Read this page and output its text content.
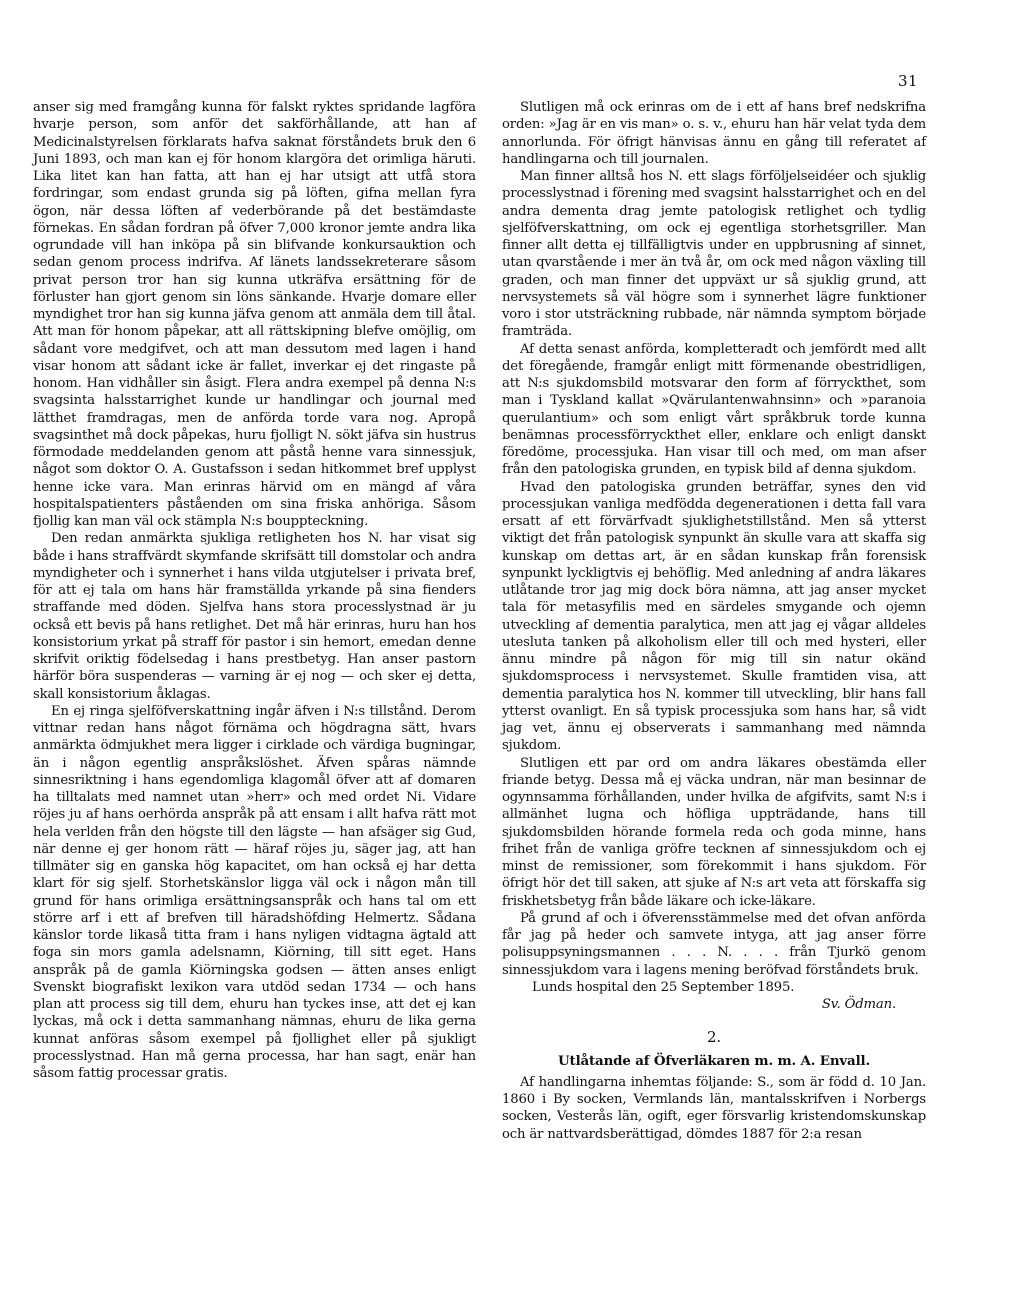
31

anser sig med framgång kunna för falskt ryktes spridande lagföra hvarje person, som anför det sakförhållande, att han af Medicinalstyrelsen förklarats hafva saknat förståndets bruk den 6 Juni 1893, och man kan ej för honom klargöra det orimliga häruti. Lika litet kan han fatta, att han ej har utsigt att utfå stora fordringar, som endast grunda sig på löften, gifna mellan fyra ögon, när dessa löften af vederbörande på det bestämdaste förnekas. En sådan fordran på öfver 7,000 kronor jemte andra lika ogrundade vill han inköpa på sin blifvande konkursauktion och sedan genom process indrifva. Af länets landssekreterare såsom privat person tror han sig kunna utkräfva ersättning för de förluster han gjort genom sin löns sänkande. Hvarje domare eller myndighet tror han sig kunna jäfva genom att anmäla dem till åtal. Att man för honom påpekar, att all rättskipning blefve omöjlig, om sådant vore medgifvet, och att man dessutom med lagen i hand visar honom att sådant icke är fallet, inverkar ej det ringaste på honom. Han vidhåller sin åsigt. Flera andra exempel på denna N:s svagsinta halsstarrighet kunde ur handlingar och journal med lätthet framdragas, men de anförda torde vara nog. Apropå svagsinthet må dock påpekas, huru fjolligt N. sökt jäfva sin hustrus förmodade meddelanden genom att påstå henne vara sinnessjuk, något som doktor O. A. Gustafsson i sedan hitkommet bref upplyst henne icke vara. Man erinras härvid om en mängd af våra hospitalspatienters påståenden om sina friska anhöriga. Såsom fjollig kan man väl ock stämpla N:s bouppteckning.

Den redan anmärkta sjukliga retligheten hos N. har visat sig både i hans straffvärdt skymfande skrifsätt till domstolar och andra myndigheter och i synnerhet i hans vilda utgjutelser i privata bref, för att ej tala om hans här framställda yrkande på sina fienders straffande med döden. Sjelfva hans stora processlystnad är ju också ett bevis på hans retlighet. Det må här erinras, huru han hos konsistorium yrkat på straff för pastor i sin hemort, emedan denne skrifvit oriktig födelsedag i hans prestbetyg. Han anser pastorn härför böra suspenderas — varning är ej nog — och sker ej detta, skall konsistorium åklagas.

En ej ringa sjelföfverskattning ingår äfven i N:s tillstånd. Derom vittnar redan hans något förnäma och högdragna sätt, hvars anmärkta ödmjukhet mera ligger i cirklade och värdiga bugningar, än i någon egentlig anspråkslöshet. Äfven spåras nämnde sinnesriktning i hans egendomliga klagomål öfver att af domaren ha tilltalats med namnet utan »herr» och med ordet Ni. Vidare röjes ju af hans oerhörda anspråk på att ensam i allt hafva rätt mot hela verlden från den högste till den lägste — han afsäger sig Gud, när denne ej ger honom rätt — häraf röjes ju, säger jag, att han tillmäter sig en ganska hög kapacitet, om han också ej har detta klart för sig sjelf. Storhetskänslor ligga väl ock i någon mån till grund för hans orimliga ersättningsanspråk och hans tal om ett större arf i ett af brefven till häradshöfding Helmertz. Sådana känslor torde likaså titta fram i hans nyligen vidtagna ägtald att foga sin mors gamla adelsnamn, Kiörning, till sitt eget. Hans anspråk på de gamla Kiörningska godsen — ätten anses enligt Svenskt biografiskt lexikon vara utdöd sedan 1734 — och hans plan att process sig till dem, ehuru han tyckes inse, att det ej kan lyckas, må ock i detta sammanhang nämnas, ehuru de lika gerna kunnat anföras såsom exempel på fjollighet eller på sjukligt processlystnad. Han må gerna processa, har han sagt, enär han såsom fattig processar gratis.

Slutligen må ock erinras om de i ett af hans bref nedskrifna orden: »Jag är en vis man» o. s. v., ehuru han här velat tyda dem annorlunda. För öfrigt hänvisas ännu en gång till referatet af handlingarna och till journalen.

Man finner alltså hos N. ett slags förföljelseidéer och sjuklig processlystnad i förening med svagsint halsstarrighet och en del andra dementa drag jemte patologisk retlighet och tydlig sjelföfverskattning, om ock ej egentliga storhetsgriller. Man finner allt detta ej tillfälligtvis under en uppbrusning af sinnet, utan qvarstående i mer än två år, om ock med någon växling till graden, och man finner det uppväxt ur så sjuklig grund, att nervsystemets så väl högre som i synnerhet lägre funktioner voro i stor utsträckning rubbade, när nämnda symptom började framträda.

Af detta senast anförda, kompletteradt och jemfördt med allt det föregående, framgår enligt mitt förmenande obestridligen, att N:s sjukdomsbild motsvarar den form af förryckthet, som man i Tyskland kallat »Qvärulantenwahnsinn» och »paranoia querulantium» och som enligt vårt språkbruk torde kunna benämnas processförryckthet eller, enklare och enligt danskt föredöme, processjuka. Han visar till och med, om man afser från den patologiska grunden, en typisk bild af denna sjukdom.

Hvad den patologiska grunden beträffar, synes den vid processjukan vanliga medfödda degenerationen i detta fall vara ersatt af ett förvärfvadt sjuklighetstillstånd. Men så ytterst viktigt det från patologisk synpunkt än skulle vara att skaffa sig kunskap om dettas art, är en sådan kunskap från forensisk synpunkt lyckligtvis ej behöflig. Med anledning af andra läkares utlåtande tror jag mig dock böra nämna, att jag anser mycket tala för metasyfilis med en särdeles smygande och ojemn utveckling af dementia paralytica, men att jag ej vågar alldeles utesluta tanken på alkoholism eller till och med hysteri, eller ännu mindre på någon för mig till sin natur okänd sjukdomsprocess i nervsystemet. Skulle framtiden visa, att dementia paralytica hos N. kommer till utveckling, blir hans fall ytterst ovanligt. En så typisk processjuka som hans har, så vidt jag vet, ännu ej observerats i sammanhang med nämnda sjukdom.

Slutligen ett par ord om andra läkares obestämda eller friande betyg. Dessa må ej väcka undran, när man besinnar de ogynnsamma förhållanden, under hvilka de afgifvits, samt N:s i allmänhet lugna och höfliga uppträdande, hans till sjukdomsbilden hörande formela reda och goda minne, hans frihet från de vanliga gröfre tecknen af sinnessjukdom och ej minst de remissioner, som förekommit i hans sjukdom. För öfrigt hör det till saken, att sjuke af N:s art veta att förskaffa sig friskhetsbetyg från både läkare och icke-läkare.

På grund af och i öfverensstämmelse med det ofvan anförda får jag på heder och samvete intyga, att jag anser förre polisuppsyningsmannen . . . N. . . . från Tjurkö genom sinnessjukdom vara i lagens mening beröfvad förståndets bruk.

Lunds hospital den 25 September 1895.

Sv. Ödman.

2.
Utlåtande af Öfverläkaren m. m. A. Envall.

Af handlingarna inhemtas följande: S., som är född d. 10 Jan. 1860 i By socken, Vermlands län, mantalsskrifven i Norbergs socken, Vesterås län, ogift, eger försvarlig kristendomskunskap och är nattvardsberättigad, dömdes 1887 för 2:a resan
